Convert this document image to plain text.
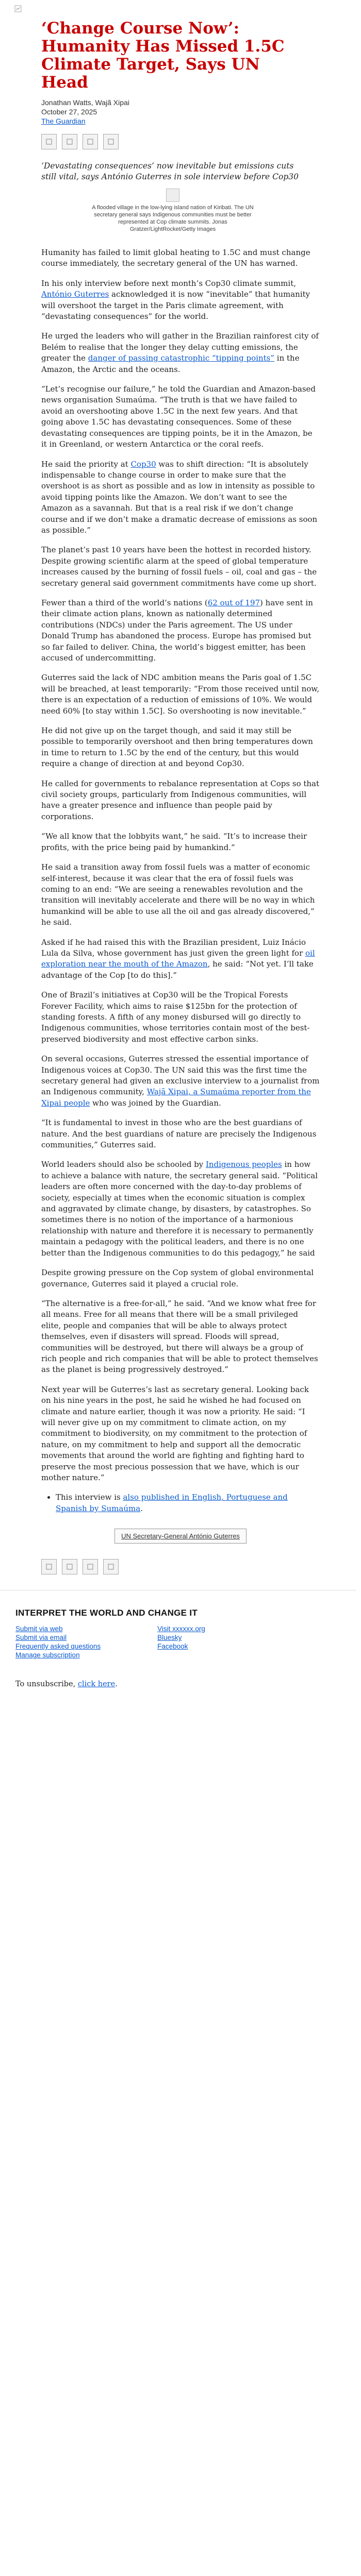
‘Change Course Now’: Humanity Has Missed 1.5C Climate Target, Says UN Head
Jonathan Watts, Wajã Xipai
October 27, 2025
The Guardian

‘Devastating consequences’ now inevitable but emissions cuts still vital, says António Guterres in sole interview before Cop30

A flooded village in the low-lying island nation of Kiribati. The UN secretary general says Indigenous communities must be better represented at Cop climate summits. Jonas Gratzer/LightRocket/Getty Images

Humanity has failed to limit global heating to 1.5C and must change course immediately, the secretary general of the UN has warned.

In his only interview before next month’s Cop30 climate summit, António Guterres acknowledged it is now “inevitable” that humanity will overshoot the target in the Paris climate agreement, with “devastating consequences” for the world.

He urged the leaders who will gather in the Brazilian rainforest city of Belém to realise that the longer they delay cutting emissions, the greater the danger of passing catastrophic “tipping points” in the Amazon, the Arctic and the oceans.

“Let’s recognise our failure,” he told the Guardian and Amazon-based news organisation Sumaúma. “The truth is that we have failed to avoid an overshooting above 1.5C in the next few years. And that going above 1.5C has devastating consequences. Some of these devastating consequences are tipping points, be it in the Amazon, be it in Greenland, or western Antarctica or the coral reefs.

He said the priority at Cop30 was to shift direction: “It is absolutely indispensable to change course in order to make sure that the overshoot is as short as possible and as low in intensity as possible to avoid tipping points like the Amazon. We don’t want to see the Amazon as a savannah. But that is a real risk if we don’t change course and if we don’t make a dramatic decrease of emissions as soon as possible.”

The planet’s past 10 years have been the hottest in recorded history. Despite growing scientific alarm at the speed of global temperature increases caused by the burning of fossil fuels – oil, coal and gas – the secretary general said government commitments have come up short.

Fewer than a third of the world’s nations (62 out of 197) have sent in their climate action plans, known as nationally determined contributions (NDCs) under the Paris agreement. The US under Donald Trump has abandoned the process. Europe has promised but so far failed to deliver. China, the world’s biggest emitter, has been accused of undercommitting.

Guterres said the lack of NDC ambition means the Paris goal of 1.5C will be breached, at least temporarily: “From those received until now, there is an expectation of a reduction of emissions of 10%. We would need 60% [to stay within 1.5C]. So overshooting is now inevitable.”

He did not give up on the target though, and said it may still be possible to temporarily overshoot and then bring temperatures down in time to return to 1.5C by the end of the century, but this would require a change of direction at and beyond Cop30.

He called for governments to rebalance representation at Cops so that civil society groups, particularly from Indigenous communities, will have a greater presence and influence than people paid by corporations.

“We all know that the lobbyits want,” he said. “It’s to increase their profits, with the price being paid by humankind.”

He said a transition away from fossil fuels was a matter of economic self-interest, because it was clear that the era of fossil fuels was coming to an end: “We are seeing a renewables revolution and the transition will inevitably accelerate and there will be no way in which humankind will be able to use all the oil and gas already discovered,” he said.

Asked if he had raised this with the Brazilian president, Luiz Inácio Lula da Silva, whose government has just given the green light for oil exploration near the mouth of the Amazon, he said: “Not yet. I’ll take advantage of the Cop [to do this].”

One of Brazil’s initiatives at Cop30 will be the Tropical Forests Forever Facility, which aims to raise $125bn for the protection of standing forests. A fifth of any money disbursed will go directly to Indigenous communities, whose territories contain most of the best-preserved biodiversity and most effective carbon sinks.

On several occasions, Guterres stressed the essential importance of Indigenous voices at Cop30. The UN said this was the first time the secretary general had given an exclusive interview to a journalist from an Indigenous community, Wajã Xipai, a Sumaúma reporter from the Xipai people who was joined by the Guardian.

“It is fundamental to invest in those who are the best guardians of nature. And the best guardians of nature are precisely the Indigenous communities,” Guterres said.

World leaders should also be schooled by Indigenous peoples in how to achieve a balance with nature, the secretary general said. “Political leaders are often more concerned with the day-to-day problems of society, especially at times when the economic situation is complex and aggravated by climate change, by disasters, by catastrophes. So sometimes there is no notion of the importance of a harmonious relationship with nature and therefore it is necessary to permanently maintain a pedagogy with the political leaders, and there is no one better than the Indigenous communities to do this pedagogy,” he said

Despite growing pressure on the Cop system of global environmental governance, Guterres said it played a crucial role.

“The alternative is a free-for-all,” he said. “And we know what free for all means. Free for all means that there will be a small privileged elite, people and companies that will be able to always protect themselves, even if disasters will spread. Floods will spread, communities will be destroyed, but there will always be a group of rich people and rich companies that will be able to protect themselves as the planet is being progressively destroyed.”

Next year will be Guterres’s last as secretary general. Looking back on his nine years in the post, he said he wished he had focused on climate and nature earlier, though it was now a priority. He said: “I will never give up on my commitment to climate action, on my commitment to biodiversity, on my commitment to the protection of nature, on my commitment to help and support all the democratic movements that around the world are fighting and fighting hard to preserve the most precious possession that we have, which is our mother nature.”

• This interview is also published in English, Portuguese and Spanish by Sumaúma.
UN Secretary-General António Guterres
INTERPRET THE WORLD AND CHANGE IT
Submit via web
Submit via email
Frequently asked questions
Manage subscription
Visit xxxxxx.org
Bluesky
Facebook
To unsubscribe, click here.
